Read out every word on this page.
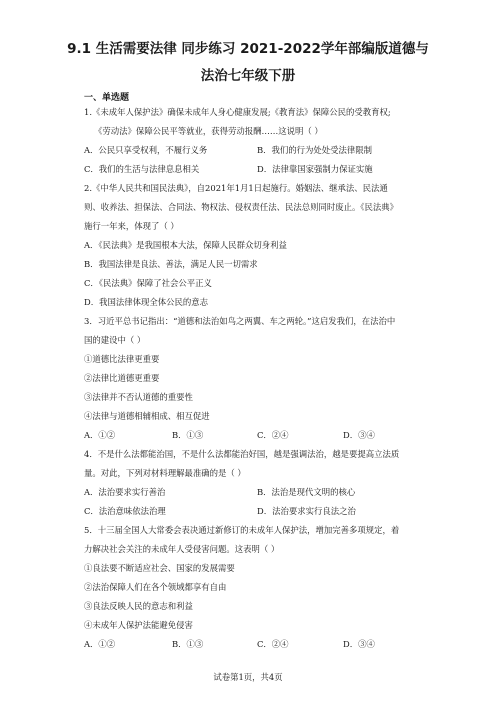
9.1 生活需要法律 同步练习 2021-2022学年部编版道德与
法治七年级下册
一、单选题
1.《未成年人保护法》确保未成年人身心健康发展;《教育法》保障公民的受教育权;
《劳动法》保障公民平等就业，获得劳动报酬……这说明（ ）
A．公民只享受权利，不履行义务	B．我们的行为处处受法律限制
C．我们的生活与法律息息相关	D．法律靠国家强制力保证实施
2.《中华人民共和国民法典》，自2021年1月1日起施行。婚姻法、继承法、民法通
则、收养法、担保法、合同法、物权法、侵权责任法、民法总则同时废止。《民法典》
施行一年来，体现了（ ）
A．《民法典》是我国根本大法，保障人民群众切身利益
B．我国法律是良法、善法，满足人民一切需求
C．《民法典》保障了社会公平正义
D．我国法律体现全体公民的意志
3．习近平总书记指出：“道德和法治如鸟之两翼、车之两轮。”这启发我们，在法治中
国的建设中（ ）
①道德比法律更重要
②法律比道德更重要
③法律并不否认道德的重要性
④法律与道德相辅相成、相互促进
A．①②	B．①③	C．②④	D．③④
4．不是什么法都能治国，不是什么法都能治好国，越是强调法治，越是要提高立法质
量。对此，下列对材料理解最准确的是（ ）
A．法治要求实行善治	B．法治是现代文明的核心
C．法治意味依法治理	D．法治要求实行良法之治
5．十三届全国人大常委会表决通过新修订的未成年人保护法，增加完善多项规定，着
力解决社会关注的未成年人受侵害问题。这表明（ ）
①良法要不断适应社会、国家的发展需要
②法治保障人们在各个领域都享有自由
③良法反映人民的意志和利益
④未成年人保护法能避免侵害
A．①②	B．①③	C．②④	D．③④
试卷第1页，共4页
